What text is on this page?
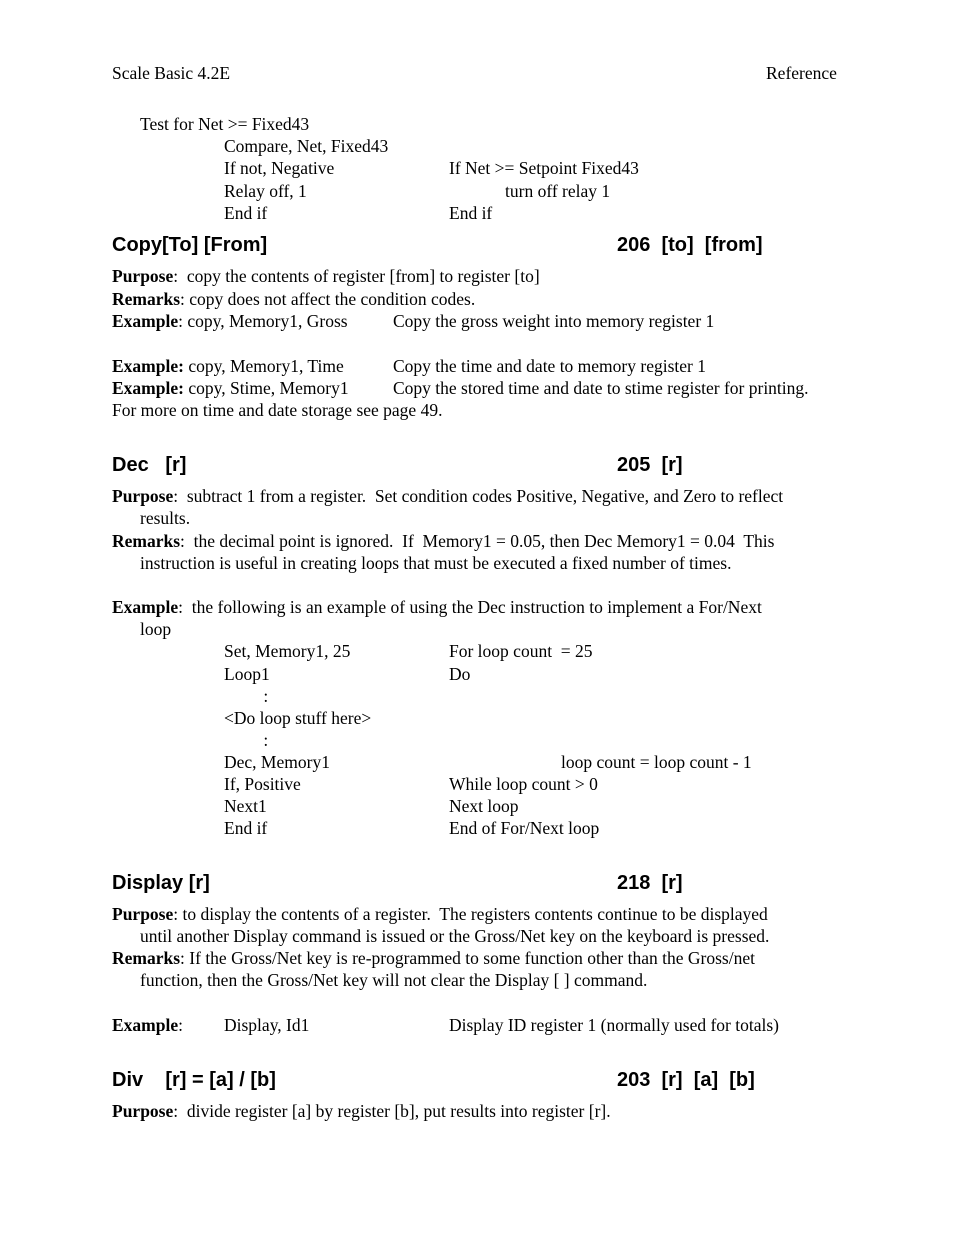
Scale Basic 4.2E	Reference
Test for Net >= Fixed43
Compare, Net, Fixed43
If not, Negative	If Net >= Setpoint Fixed43
Relay off, 1	turn off relay 1
End if	End if
Copy[To] [From]	206  [to]  [from]
Purpose:  copy the contents of register [from] to register [to]
Remarks: copy does not affect the condition codes.
Example: copy, Memory1, Gross	Copy the gross weight into memory register 1
Example: copy, Memory1, Time	Copy the time and date to memory register 1
Example: copy, Stime, Memory1	Copy the stored time and date to stime register for printing.
For more on time and date storage see page 49.
Dec   [r]	205  [r]
Purpose:  subtract 1 from a register.  Set condition codes Positive, Negative, and Zero to reflect
results.
Remarks:  the decimal point is ignored.  If  Memory1 = 0.05, then Dec Memory1 = 0.04  This
instruction is useful in creating loops that must be executed a fixed number of times.
Example:  the following is an example of using the Dec instruction to implement a For/Next
loop
Set, Memory1, 25	For loop count  = 25
Loop1	Do
:
<Do loop stuff here>
:
Dec, Memory1	loop count = loop count - 1
If, Positive	While loop count > 0
Next1	Next loop
End if	End of For/Next loop
Display [r]	218  [r]
Purpose: to display the contents of a register.  The registers contents continue to be displayed
until another Display command is issued or the Gross/Net key on the keyboard is pressed.
Remarks: If the Gross/Net key is re-programmed to some function other than the Gross/net
function, then the Gross/Net key will not clear the Display [ ] command.
Example: Display, Id1	Display ID register 1 (normally used for totals)
Div    [r] = [a] / [b]	203  [r]  [a]  [b]
Purpose:  divide register [a] by register [b], put results into register [r].
